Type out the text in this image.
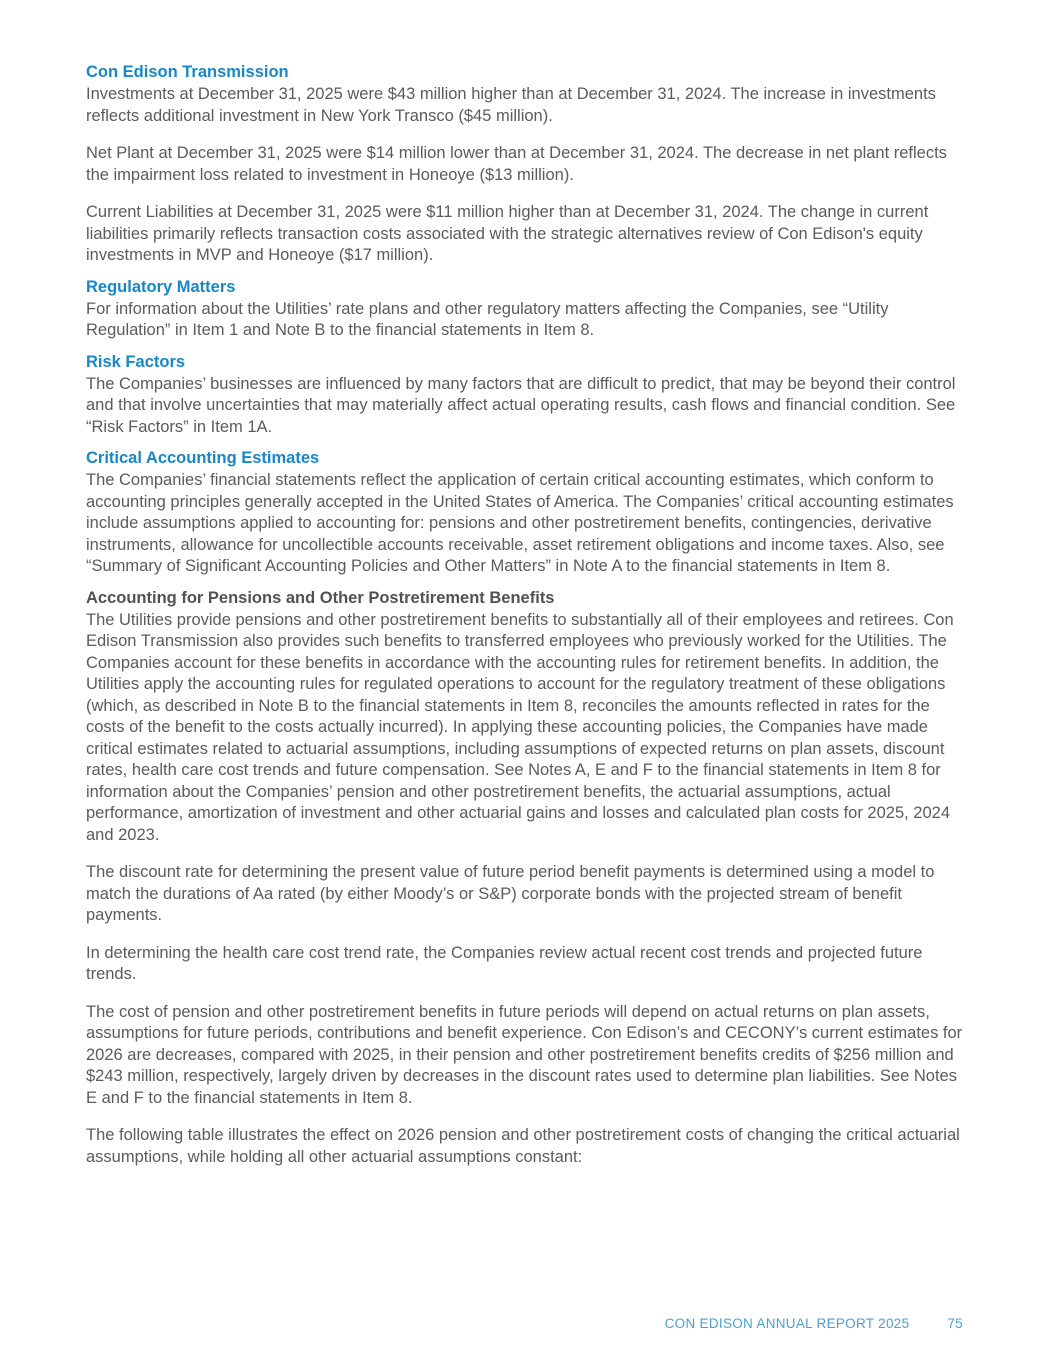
Con Edison Transmission

Investments at December 31, 2025 were $43 million higher than at December 31, 2024. The increase in investments reflects additional investment in New York Transco ($45 million).

Net Plant at December 31, 2025 were $14 million lower than at December 31, 2024. The decrease in net plant reflects the impairment loss related to investment in Honeoye ($13 million).

Current Liabilities at December 31, 2025 were $11 million higher than at December 31, 2024. The change in current liabilities primarily reflects transaction costs associated with the strategic alternatives review of Con Edison's equity investments in MVP and Honeoye ($17 million).

Regulatory Matters

For information about the Utilities’ rate plans and other regulatory matters affecting the Companies, see “Utility Regulation” in Item 1 and Note B to the financial statements in Item 8.

Risk Factors

The Companies’ businesses are influenced by many factors that are difficult to predict, that may be beyond their control and that involve uncertainties that may materially affect actual operating results, cash flows and financial condition. See “Risk Factors” in Item 1A.

Critical Accounting Estimates

The Companies’ financial statements reflect the application of certain critical accounting estimates, which conform to accounting principles generally accepted in the United States of America. The Companies’ critical accounting estimates include assumptions applied to accounting for: pensions and other postretirement benefits, contingencies, derivative instruments, allowance for uncollectible accounts receivable, asset retirement obligations and income taxes. Also, see “Summary of Significant Accounting Policies and Other Matters” in Note A to the financial statements in Item 8.

Accounting for Pensions and Other Postretirement Benefits

The Utilities provide pensions and other postretirement benefits to substantially all of their employees and retirees. Con Edison Transmission also provides such benefits to transferred employees who previously worked for the Utilities. The Companies account for these benefits in accordance with the accounting rules for retirement benefits. In addition, the Utilities apply the accounting rules for regulated operations to account for the regulatory treatment of these obligations (which, as described in Note B to the financial statements in Item 8, reconciles the amounts reflected in rates for the costs of the benefit to the costs actually incurred). In applying these accounting policies, the Companies have made critical estimates related to actuarial assumptions, including assumptions of expected returns on plan assets, discount rates, health care cost trends and future compensation. See Notes A, E and F to the financial statements in Item 8 for information about the Companies’ pension and other postretirement benefits, the actuarial assumptions, actual performance, amortization of investment and other actuarial gains and losses and calculated plan costs for 2025, 2024 and 2023.

The discount rate for determining the present value of future period benefit payments is determined using a model to match the durations of Aa rated (by either Moody’s or S&P) corporate bonds with the projected stream of benefit payments.

In determining the health care cost trend rate, the Companies review actual recent cost trends and projected future trends.

The cost of pension and other postretirement benefits in future periods will depend on actual returns on plan assets, assumptions for future periods, contributions and benefit experience. Con Edison’s and CECONY’s current estimates for 2026 are decreases, compared with 2025, in their pension and other postretirement benefits credits of $256 million and $243 million, respectively, largely driven by decreases in the discount rates used to determine plan liabilities. See Notes E and F to the financial statements in Item 8.

The following table illustrates the effect on 2026 pension and other postretirement costs of changing the critical actuarial assumptions, while holding all other actuarial assumptions constant:

CON EDISON ANNUAL REPORT 2025	75
